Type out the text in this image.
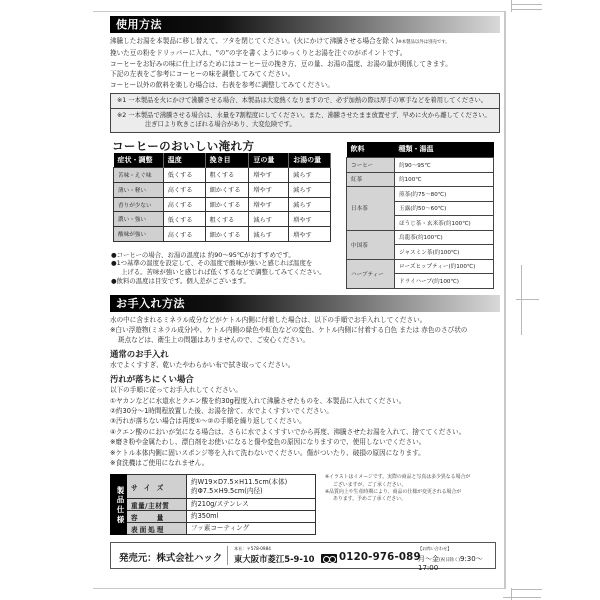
使用方法
沸騰したお湯を本製品に移し替えて、フタを閉じてください。(火にかけて沸騰させる場合を除く)※本製品以外は別売です。
挽いた豆の粉をドリッパーに入れ、“の”の字を書くようにゆっくりとお湯を注ぐのがポイントです。
コーヒーをお好みの味に仕上げるためにはコーヒー豆の挽き方、豆の量、お湯の温度、お湯の量が関係してきます。
下記の左表をご参考にコーヒーの味を調整してみてください。
コーヒー以外の飲料を楽しむ場合は、右表を参考に調整してみてください。
※1 一本製品を火にかけて沸騰させる場合、本製品は大変熱くなりますので、必ず加熱の際は厚手の軍手などを着用してください。
※2 一本製品で沸騰させる場合は、水量を7割程度にしてください。また、沸騰させたまま放置せず、早めに火から離してください。
注ぎ口より吹きこぼれる場合があり、大変危険です。
コーヒーのおいしい淹れ方
症状・調整	温度	挽き目	豆の量	お湯の量
苦味・えぐ味	低くする	粗くする	増やす	減らす
薄い・軽い	高くする	細かくする	増やす	減らす
香りが少ない	高くする	細かくする	増やす	減らす
濃い・強い	低くする	粗くする	減らす	増やす
酸味が強い	高くする	細かくする	減らす	増やす
●コーヒーの場合、お湯の温度は 約90〜95℃がおすすめです。
●1つ基準の温度を設定して、その温度で酸味が強いと感じれば温度を
上げる。苦味が強いと感じれば低くするなどで調整してみてください。
●飲料の温度は目安です。個人差がございます。
飲料	種類・湯温
コーヒー	約90〜95℃
紅茶	約100℃
日本茶	煎茶(約75〜80℃)
	玉露(約50〜60℃)
	ほうじ茶・玄米茶(約100℃)
中国茶	烏龍茶(約100℃)
	ジャスミン茶(約100℃)
ハーブティー	ローズヒップティー(約100℃)
	ドライハーブ(約100℃)
お手入れ方法
水の中に含まれるミネラル成分などがケトル内側に付着した場合は、以下の手順でお手入れしてください。
※白い浮遊物(ミネラル成分)や、ケトル内側の緑色や虹色などの変色、ケトル内側に付着する白色 または 赤色のさび状の
斑点などは、衛生上の問題はありませんので、ご安心ください。
通常のお手入れ
水でよくすすぎ、乾いたやわらかい布で拭き取ってください。
汚れが落ちにくい場合
以下の手順に従ってお手入れしてください。
①ヤカンなどに水道水とクエン酸を約30g程度入れて沸騰させたものを、本製品に入れてください。
②約30分〜1時間程放置した後、お湯を捨て、水でよくすすいでください。
③汚れが落ちない場合は再度①〜②の手順を繰り返してください。
④クエン酸のにおいが気になる場合は、さらに水でよくすすいでから再度、沸騰させたお湯を入れて、捨ててください。
※磨き粉や金属たわし、漂白剤をお使いになると傷や変色の原因になりますので、使用しないでください。
※ケトル本体内側に固いスポンジ等を入れて洗わないでください。傷がついたり、破損の原因になります。
※食洗機はご使用になれません。
製品仕様	サ イ ズ	約W19×D7.5×H11.5cm(本体)
約Φ7.5×H9.5cm(内径)

	重量/主材質	約210g/ステンレス
	容　　量	約350ml
	表面処理	フッ素コーティング
※イラストはイメージです。実際の商品と写真は多少異なる場合が
ございますが、ご了承ください。
※品質向上や生産時期により、商品の仕様が変更される場合が
あります。予めご了承ください。
発売元：株式会社ハック
本社：〒578-0984
東大阪市菱江5-9-10 0120-976-089
【お問い合わせ】
月〜金(祝日除く)9:30〜17:00
